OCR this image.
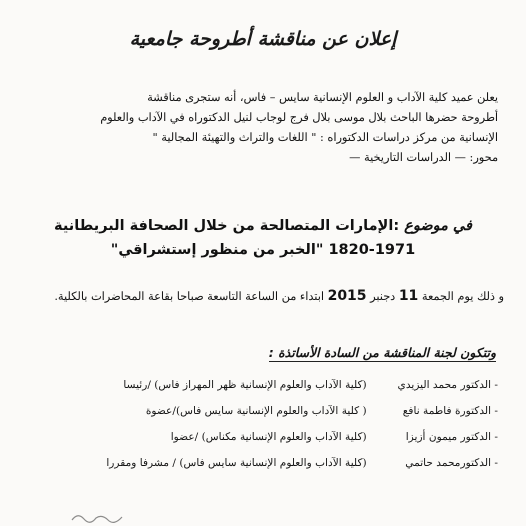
إعلان عن مناقشة أطروحة جامعية

يعلن عميد كلية الآداب و العلوم الإنسانية سايس – فاس، أنه ستجرى مناقشة

أطروحة حضرها الباحث بلال موسى بلال فرج لوجاب لنيل الدكتوراه في الآداب والعلوم

الإنسانية من مركز دراسات الدكتوراه : " اللغات والتراث والتهيئة المجالية "

محور: — الدراسات التاريخية —

في موضوع :الإمارات المتصالحة من خلال الصحافة البريطانية
1820-1971 "الخبر من منظور إستشراقي"
و ذلك يوم الجمعة 11 دجنبر 2015 ابتداء من الساعة التاسعة صباحا بقاعة المحاضرات بالكلية.
وتتكون لجنة المناقشة من السادة الأساتذة :
- الدكتور محمد اليزيدي (كلية الآداب والعلوم الإنسانية ظهر المهراز فاس) /رئيسا
- الدكتورة فاطمة نافع ( كلية الآداب والعلوم الإنسانية سايس فاس)/عضوة
- الدكتور ميمون أزيزا (كلية الآداب والعلوم الإنسانية مكناس) /عضوا
- الدكتورمحمد حاتمي (كلية الآداب والعلوم الإنسانية سايس فاس) / مشرفا ومقررا
